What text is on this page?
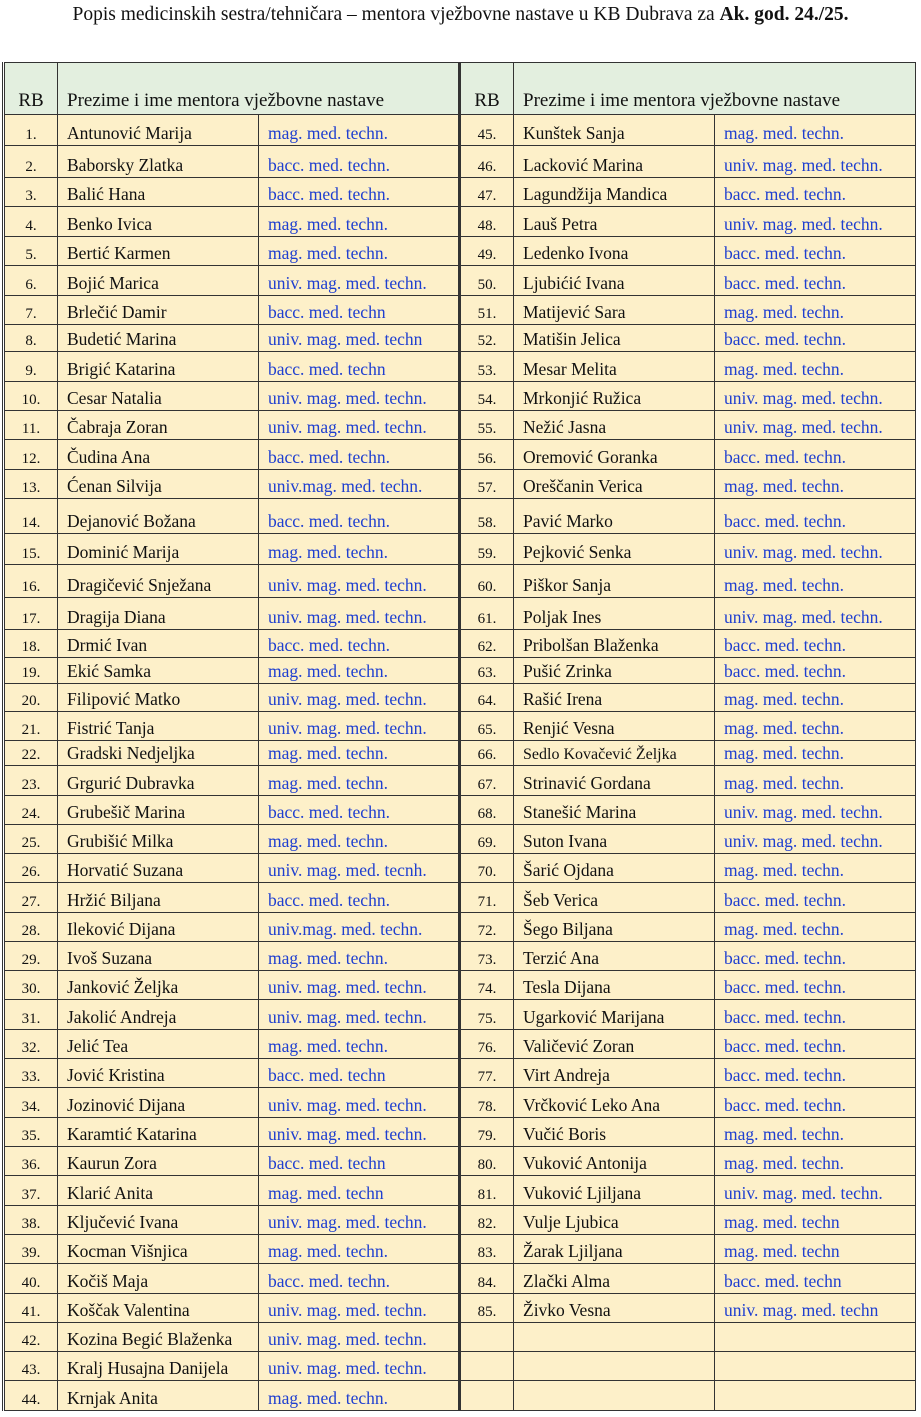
Popis medicinskih sestra/tehničara – mentora vježbovne nastave u KB Dubrava za Ak. god. 24./25.
RB	Prezime i ime mentora vježbovne nastave	
1.	Antunović Marija	mag. med. techn.
2.	Baborsky Zlatka	bacc. med. techn.
3.	Balić Hana	bacc. med. techn.
4.	Benko Ivica	mag. med. techn.
5.	Bertić Karmen	mag. med. techn.
6.	Bojić Marica	univ. mag. med. techn.
7.	Brlečić Damir	bacc. med. techn
8.	Budetić Marina	univ. mag. med. techn
9.	Brigić Katarina	bacc. med. techn
10.	Cesar Natalia	univ. mag. med. techn.
11.	Čabraja Zoran	univ. mag. med. techn.
12.	Čudina Ana	bacc. med. techn.
13.	Ćenan Silvija	univ.mag. med. techn.
14.	Dejanović Božana	bacc. med. techn.
15.	Dominić Marija	mag. med. techn.
16.	Dragičević Snježana	univ. mag. med. techn.
17.	Dragija Diana	univ. mag. med. techn.
18.	Drmić Ivan	bacc. med. techn.
19.	Ekić Samka	mag. med. techn.
20.	Filipović Matko	univ. mag. med. techn.
21.	Fistrić Tanja	univ. mag. med. techn.
22.	Gradski Nedjeljka	mag. med. techn.
23.	Grgurić Dubravka	mag. med. techn.
24.	Grubešič Marina	bacc. med. techn.
25.	Grubišić Milka	mag. med. techn.
26.	Horvatić Suzana	univ. mag. med. tecnh.
27.	Hržić Biljana	bacc. med. techn.
28.	Ileković Dijana	univ.mag. med. techn.
29.	Ivoš Suzana	mag. med. techn.
30.	Janković Željka	univ. mag. med. techn.
31.	Jakolić Andreja	univ. mag. med. techn.
32.	Jelić Tea	mag. med. techn.
33.	Jović Kristina	bacc. med. techn
34.	Jozinović Dijana	univ. mag. med. techn.
35.	Karamtić Katarina	univ. mag. med. techn.
36.	Kaurun Zora	bacc. med. techn
37.	Klarić Anita	mag. med. techn
38.	Ključević Ivana	univ. mag. med. techn.
39.	Kocman Višnjica	mag. med. techn.
40.	Kočiš Maja	bacc. med. techn.
41.	Koščak Valentina	univ. mag. med. techn.
42.	Kozina Begić Blaženka	univ. mag. med. techn.
43.	Kralj Husajna Danijela	univ. mag. med. techn.
44.	Krnjak Anita	mag. med. techn.
RB	Prezime i ime mentora vježbovne nastave	
45.	Kunštek Sanja	mag. med. techn.
46.	Lacković Marina	univ. mag. med. techn.
47.	Lagundžija Mandica	bacc. med. techn.
48.	Lauš Petra	univ. mag. med. techn.
49.	Ledenko Ivona	bacc. med. techn.
50.	Ljubićić Ivana	bacc. med. techn.
51.	Matijević Sara	mag. med. techn.
52.	Matišin Jelica	bacc. med. techn.
53.	Mesar Melita	mag. med. techn.
54.	Mrkonjić Ružica	univ. mag. med. techn.
55.	Nežić Jasna	univ. mag. med. techn.
56.	Oremović Goranka	bacc. med. techn.
57.	Oreščanin Verica	mag. med. techn.
58.	Pavić Marko	bacc. med. techn.
59.	Pejković Senka	univ. mag. med. techn.
60.	Piškor Sanja	mag. med. techn.
61.	Poljak Ines	univ. mag. med. techn.
62.	Pribolšan Blaženka	bacc. med. techn.
63.	Pušić Zrinka	bacc. med. techn.
64.	Rašić Irena	mag. med. techn.
65.	Renjić Vesna	mag. med. techn.
66.	Sedlo Kovačević Željka	mag. med. techn.
67.	Strinavić Gordana	mag. med. techn.
68.	Stanešić Marina	univ. mag. med. techn.
69.	Suton Ivana	univ. mag. med. techn.
70.	Šarić Ojdana	mag. med. techn.
71.	Šeb Verica	bacc. med. techn.
72.	Šego Biljana	mag. med. techn.
73.	Terzić Ana	bacc. med. techn.
74.	Tesla Dijana	bacc. med. techn.
75.	Ugarković Marijana	bacc. med. techn.
76.	Valičević Zoran	bacc. med. techn.
77.	Virt Andreja	bacc. med. techn.
78.	Vrčković Leko Ana	bacc. med. techn.
79.	Vučić Boris	mag. med. techn.
80.	Vuković Antonija	mag. med. techn.
81.	Vuković Ljiljana	univ. mag. med. techn.
82.	Vulje Ljubica	mag. med. techn
83.	Žarak Ljiljana	mag. med. techn
84.	Zlački Alma	bacc. med. techn
85.	Živko Vesna	univ. mag. med. techn
